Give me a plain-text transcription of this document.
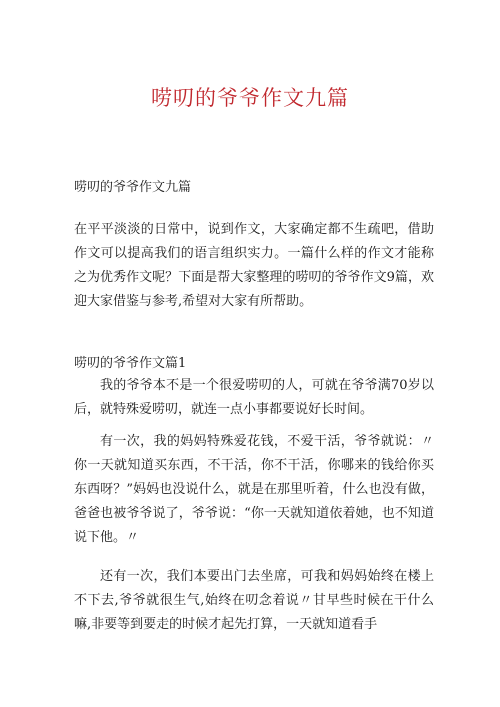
唠叨的爷爷作文九篇

唠叨的爷爷作文九篇

在平平淡淡的日常中，说到作文，大家确定都不生疏吧，借助作文可以提高我们的语言组织实力。一篇什么样的作文才能称之为优秀作文呢？下面是帮大家整理的唠叨的爷爷作文9篇，欢迎大家借鉴与参考,希望对大家有所帮助。

唠叨的爷爷作文篇1

我的爷爷本不是一个很爱唠叨的人，可就在爷爷满70岁以后，就特殊爱唠叨，就连一点小事都要说好长时间。

有一次，我的妈妈特殊爱花钱，不爱干活，爷爷就说：〃你一天就知道买东西，不干活，你不干活，你哪来的钱给你买东西呀？”妈妈也没说什么，就是在那里听着，什么也没有做，爸爸也被爷爷说了，爷爷说：“你一天就知道依着她，也不知道说下他。〃

还有一次，我们本要出门去坐席，可我和妈妈始终在楼上不下去,爷爷就很生气,始终在叨念着说〃甘早些时候在干什么嘛,非要等到要走的时候才起先打算，一天就知道看手
